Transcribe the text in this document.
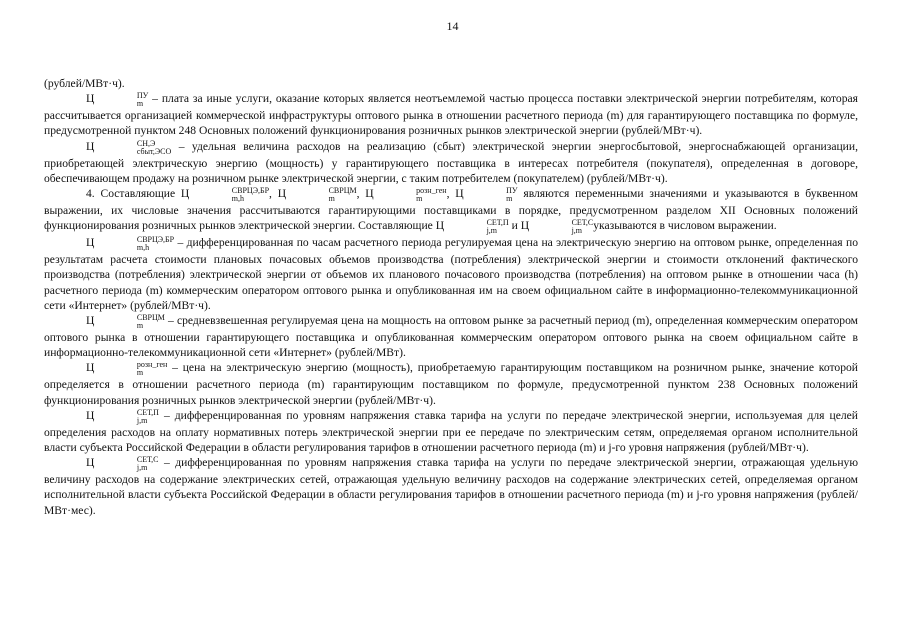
14

(рублей/МВт·ч).

Ц	ПУ
m – плата за иные услуги, оказание которых является неотъемлемой частью процесса поставки электрической энергии потребителям, которая рассчитывается организацией коммерческой инфраструктуры оптового рынка в отношении расчетного периода (m) для гарантирующего поставщика по формуле, предусмотренной пунктом 248 Основных положений функционирования розничных рынков электрической энергии (рублей/МВт·ч).

Ц	СН,Э
сбыт,ЭСО – удельная величина расходов на реализацию (сбыт) электрической энергии энергосбытовой, энергоснабжающей организации, приобретающей электрическую энергию (мощность) у гарантирующего поставщика в интересах потребителя (покупателя), определенная в договоре, обеспечивающем продажу на розничном рынке электрической энергии, с таким потребителем (покупателем) (рублей/МВт·ч).

4. Составляющие Ц	СВРЦЭ,БР
m,h	, Ц	СВРЦМ
m	, Ц	розн_ген
m	, Ц	ПУ
m являются переменными значениями и указываются в буквенном выражении, их числовые значения рассчитываются гарантирующими поставщиками в порядке, предусмотренном разделом XII Основных положений функционирования розничных рынков электрической энергии. Составляющие Ц	СЕТ,П
j,m	и Ц	СЕТ,С
j,m указываются в числовом выражении.

Ц	СВРЦЭ,БР
m,h	– дифференцированная по часам расчетного периода регулируемая цена на электрическую энергию на оптовом рынке, определенная по результатам расчета стоимости плановых почасовых объемов производства (потребления) электрической энергии и стоимости отклонений фактического производства (потребления) электрической энергии от объемов их планового почасового производства (потребления) на оптовом рынке в отношении часа (h) расчетного периода (m) коммерческим оператором оптового рынка и опубликованная им на своем официальном сайте в информационно-телекоммуникационной сети «Интернет» (рублей/МВт·ч).

Ц	СВРЦМ
m	– средневзвешенная регулируемая цена на мощность на оптовом рынке за расчетный период (m), определенная коммерческим оператором оптового рынка в отношении гарантирующего поставщика и опубликованная коммерческим оператором оптового рынка на своем официальном сайте в информационно-телекоммуникационной сети «Интернет» (рублей/МВт).

Ц	розн_ген
m	– цена на электрическую энергию (мощность), приобретаемую гарантирующим поставщиком на розничном рынке, значение которой определяется в отношении расчетного периода (m) гарантирующим поставщиком по формуле, предусмотренной пунктом 238 Основных положений функционирования розничных рынков электрической энергии (рублей/МВт·ч).

Ц	СЕТ,П
j,m	– дифференцированная по уровням напряжения ставка тарифа на услуги по передаче электрической энергии, используемая для целей определения расходов на оплату нормативных потерь электрической энергии при ее передаче по электрическим сетям, определяемая органом исполнительной власти субъекта Российской Федерации в области регулирования тарифов в отношении расчетного периода (m) и j-го уровня напряжения (рублей/МВт·ч).

Ц	СЕТ,С
j,m – дифференцированная по уровням напряжения ставка тарифа на услуги по передаче электрической энергии, отражающая удельную величину расходов на содержание электрических сетей, отражающая удельную величину расходов на содержание электрических сетей, определяемая органом исполнительной власти субъекта Российской Федерации в области регулирования тарифов в отношении расчетного периода (m) и j-го уровня напряжения (рублей/МВт·мес).
